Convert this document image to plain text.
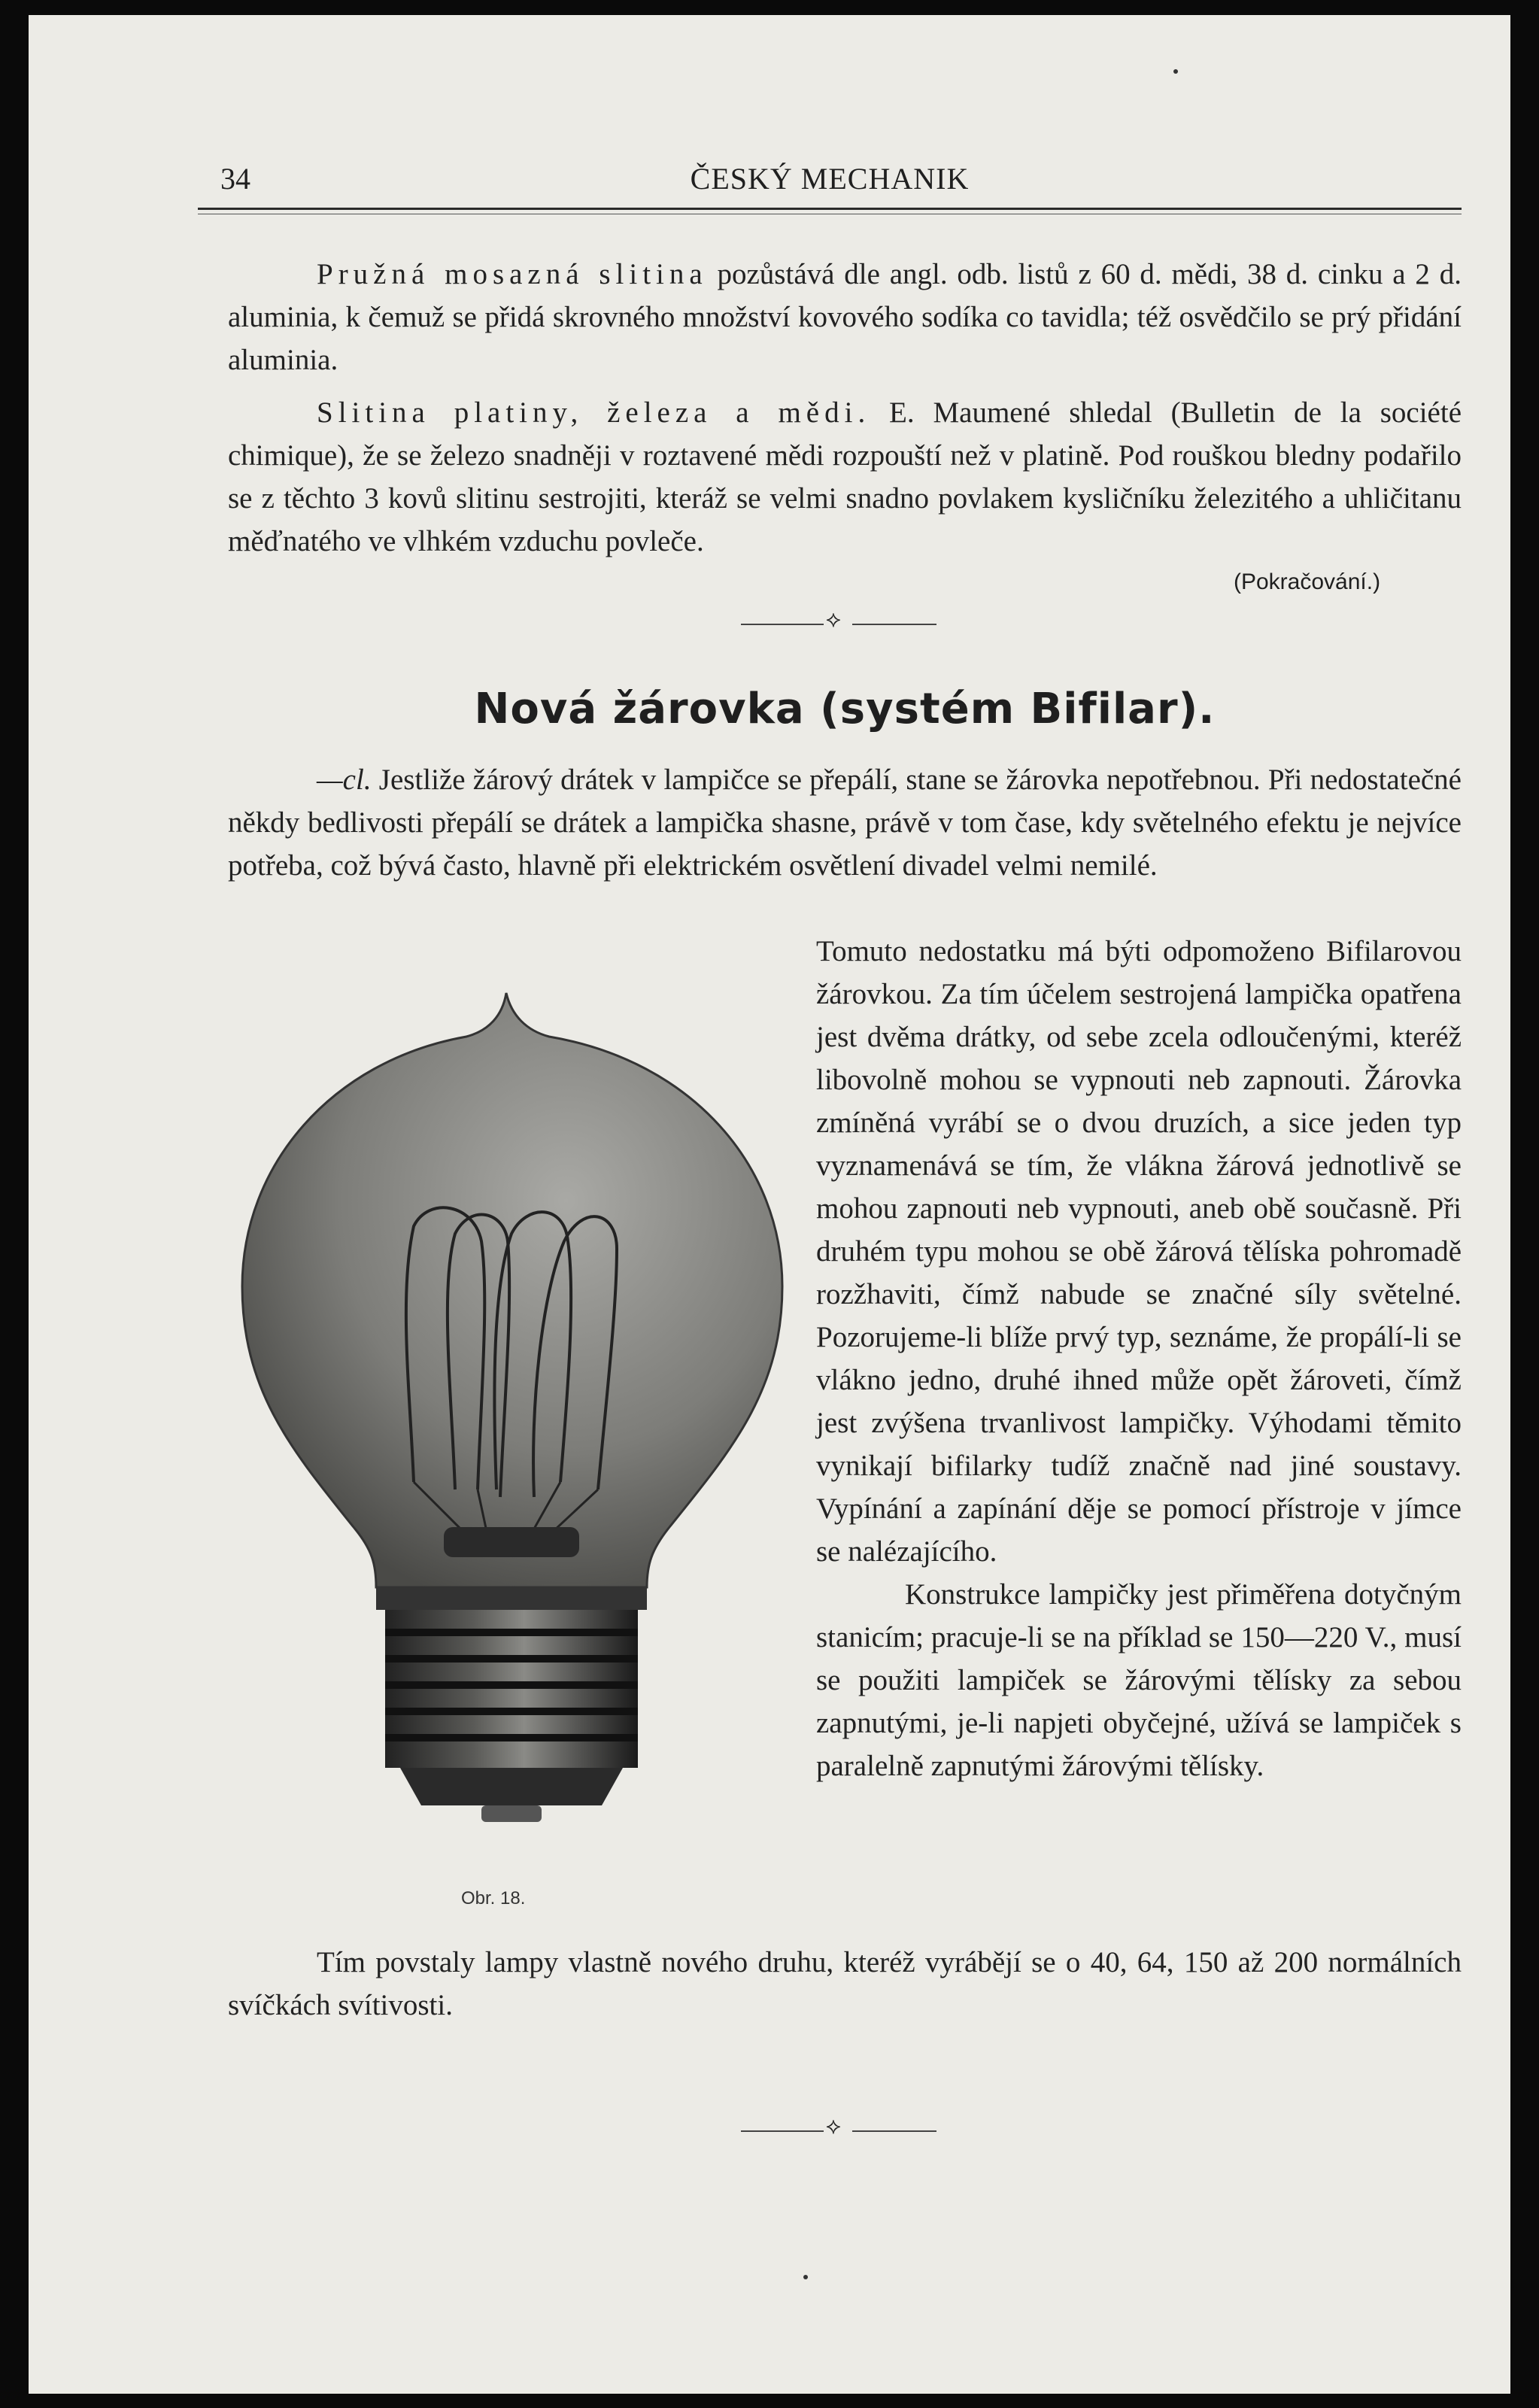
34	ČESKÝ MECHANIK

Pružná mosazná slitina pozůstává dle angl. odb. listů z 60 d. mědi, 38 d. cinku a 2 d. aluminia, k čemuž se přidá skrovného množství kovového sodíka co tavidla; též osvědčilo se prý přidání aluminia.

Slitina platiny, železa a mědi. E. Maumené shledal (Bulletin de la société chimique), že se železo snadněji v roztavené mědi rozpouští než v platině. Pod rouškou bledny podařilo se z těchto 3 kovů slitinu sestrojiti, kteráž se velmi snadno povlakem kysličníku železitého a uhličitanu měďnatého ve vlhkém vzduchu povleče.

(Pokračování.)
⟡
Nová žárovka (systém Bifilar).

—cl. Jestliže žárový drátek v lampičce se přepálí, stane se žárovka nepotřebnou. Při nedostatečné někdy bedlivosti přepálí se drátek a lampička shasne, právě v tom čase, kdy světelného efektu je nejvíce potřeba, což bývá často, hlavně při elektrickém osvětlení divadel velmi nemilé.

Tomuto nedostatku má býti odpomoženo Bifilarovou žárovkou. Za tím účelem sestrojená lampička opatřena jest dvěma drátky, od sebe zcela odloučenými, kteréž libovolně mohou se vypnouti neb zapnouti. Žárovka zmíněná vyrábí se o dvou druzích, a sice jeden typ vyznamenává se tím, že vlákna žárová jednotlivě se mohou zapnouti neb vypnouti, aneb obě současně. Při druhém typu mohou se obě žárová tělíska pohromadě rozžhaviti, čímž nabude se značné síly světelné. Pozorujeme-li blíže prvý typ, seznáme, že propálí-li se vlákno jedno, druhé ihned může opět žároveti, čímž jest zvýšena trvanlivost lampičky. Výhodami těmito vynikají bifilarky tudíž značně nad jiné soustavy. Vypínání a zapínání děje se pomocí přístroje v jímce se nalézajícího.
Konstrukce lampičky jest přiměřena dotyčným stanicím; pracuje-li se na příklad se 150—220 V., musí se použiti lampiček se žárovými tělísky za sebou zapnutými, je-li napjeti obyčejné, užívá se lampiček s paralelně zapnutými žárovými tělísky.

Tím povstaly lampy vlastně nového druhu, kteréž vyrábějí se o 40, 64, 150 až 200 normálních svíčkách svítivosti.

Obr. 18.
⟡
